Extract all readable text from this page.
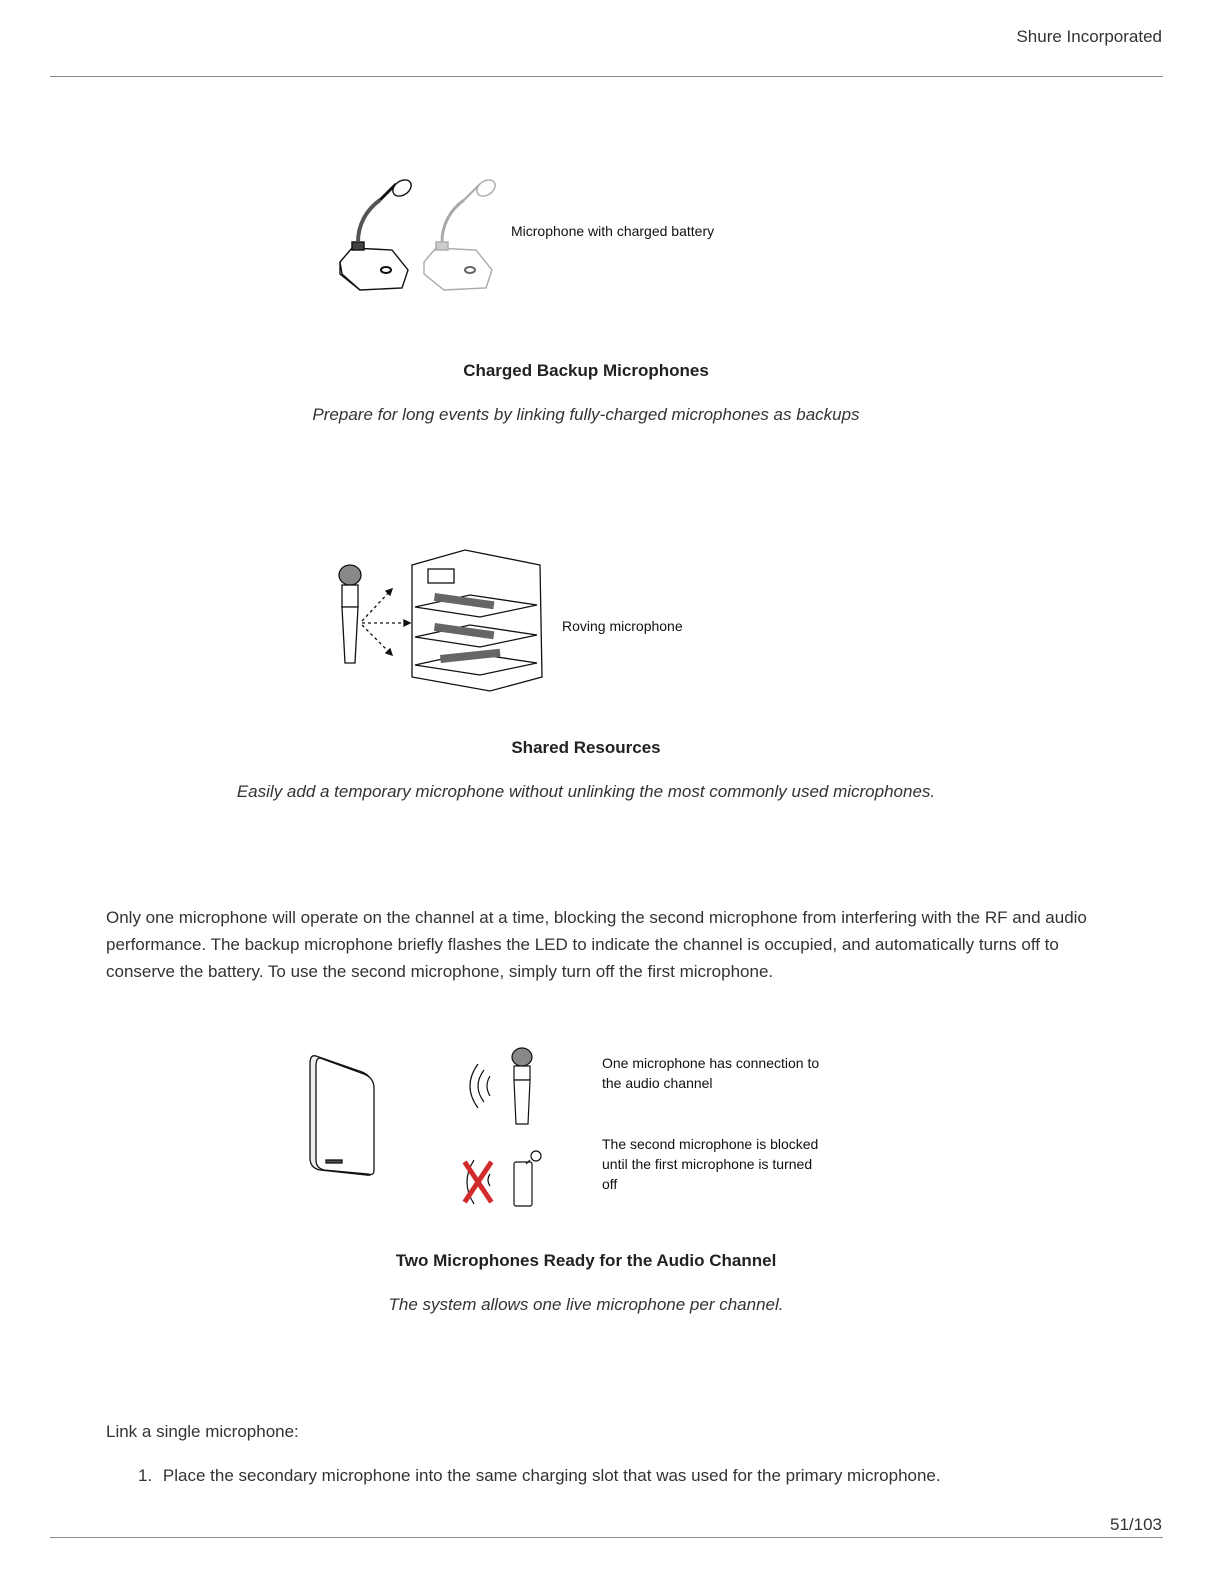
Shure Incorporated
Microphone with charged battery
Charged Backup Microphones
Prepare for long events by linking fully-charged microphones as backups
Roving microphone
Shared Resources
Easily add a temporary microphone without unlinking the most commonly used microphones.
Only one microphone will operate on the channel at a time, blocking the second microphone from interfering with the RF and audio performance. The backup microphone briefly flashes the LED to indicate the channel is occupied, and automatically turns off to conserve the battery. To use the second microphone, simply turn off the first microphone.
One microphone has connection to
the audio channel
The second microphone is blocked
until the first microphone is turned
off
Two Microphones Ready for the Audio Channel
The system allows one live microphone per channel.
Link a single microphone:
1. Place the secondary microphone into the same charging slot that was used for the primary microphone.
51/103
